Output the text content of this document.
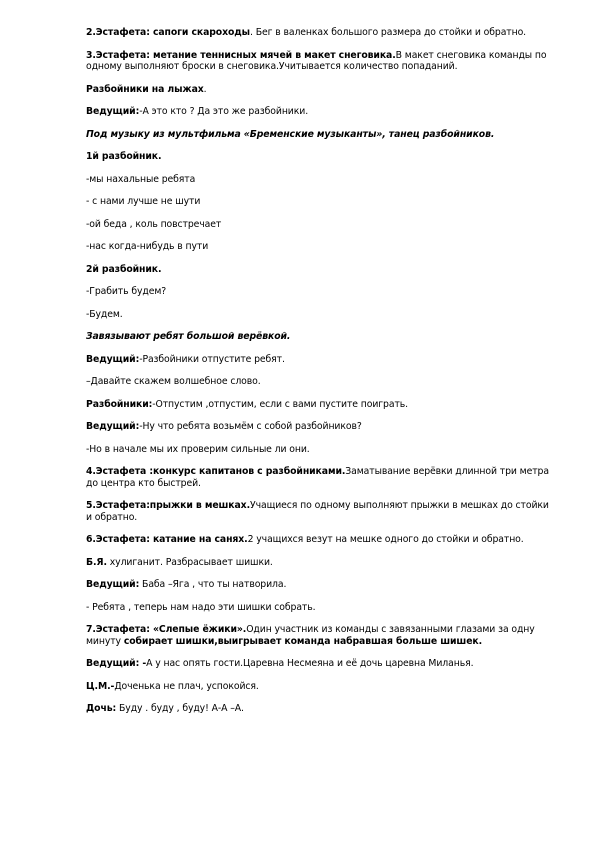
2.Эстафета: сапоги скароходы. Бег в валенках большого размера до стойки и обратно.

3.Эстафета: метание теннисных мячей в макет снеговика.В макет снеговика команды по одному выполняют броски в снеговика.Учитывается количество попаданий.

Разбойники на лыжах.

Ведущий:-А это кто ? Да это же разбойники.

Под музыку из мультфильма «Бременские музыканты», танец разбойников.

1й разбойник.

-мы нахальные ребята

- с нами лучше не шути

-ой беда , коль повстречает

-нас когда-нибудь в пути

2й разбойник.

-Грабить будем?

-Будем.

Завязывают ребят большой верёвкой.

Ведущий:-Разбойники отпустите ребят.

–Давайте скажем волшебное слово.

Разбойники:-Отпустим ,отпустим, если с вами пустите поиграть.

Ведущий:-Ну что ребята возьмём с собой разбойников?

-Но в начале мы их проверим сильные ли они.

4.Эстафета :конкурс капитанов с разбойниками.Заматывание верёвки длинной три метра до центра кто быстрей.

5.Эстафета:прыжки в мешках.Учащиеся по одному выполняют прыжки в мешках до стойки и обратно.

6.Эстафета: катание на санях.2 учащихся везут на мешке одного до стойки и обратно.

Б.Я. хулиганит. Разбрасывает шишки.

Ведущий: Баба –Яга , что ты натворила.

- Ребята , теперь нам надо эти шишки собрать.

7.Эстафета: «Слепые ёжики».Один участник из команды с завязанными глазами за одну минуту собирает шишки,выигрывает команда набравшая больше шишек.

Ведущий: -А у нас опять гости.Царевна Несмеяна и её дочь царевна Миланья.

Ц.М.-Доченька не плач, успокойся.

Дочь: Буду . буду , буду! А-А –А.
